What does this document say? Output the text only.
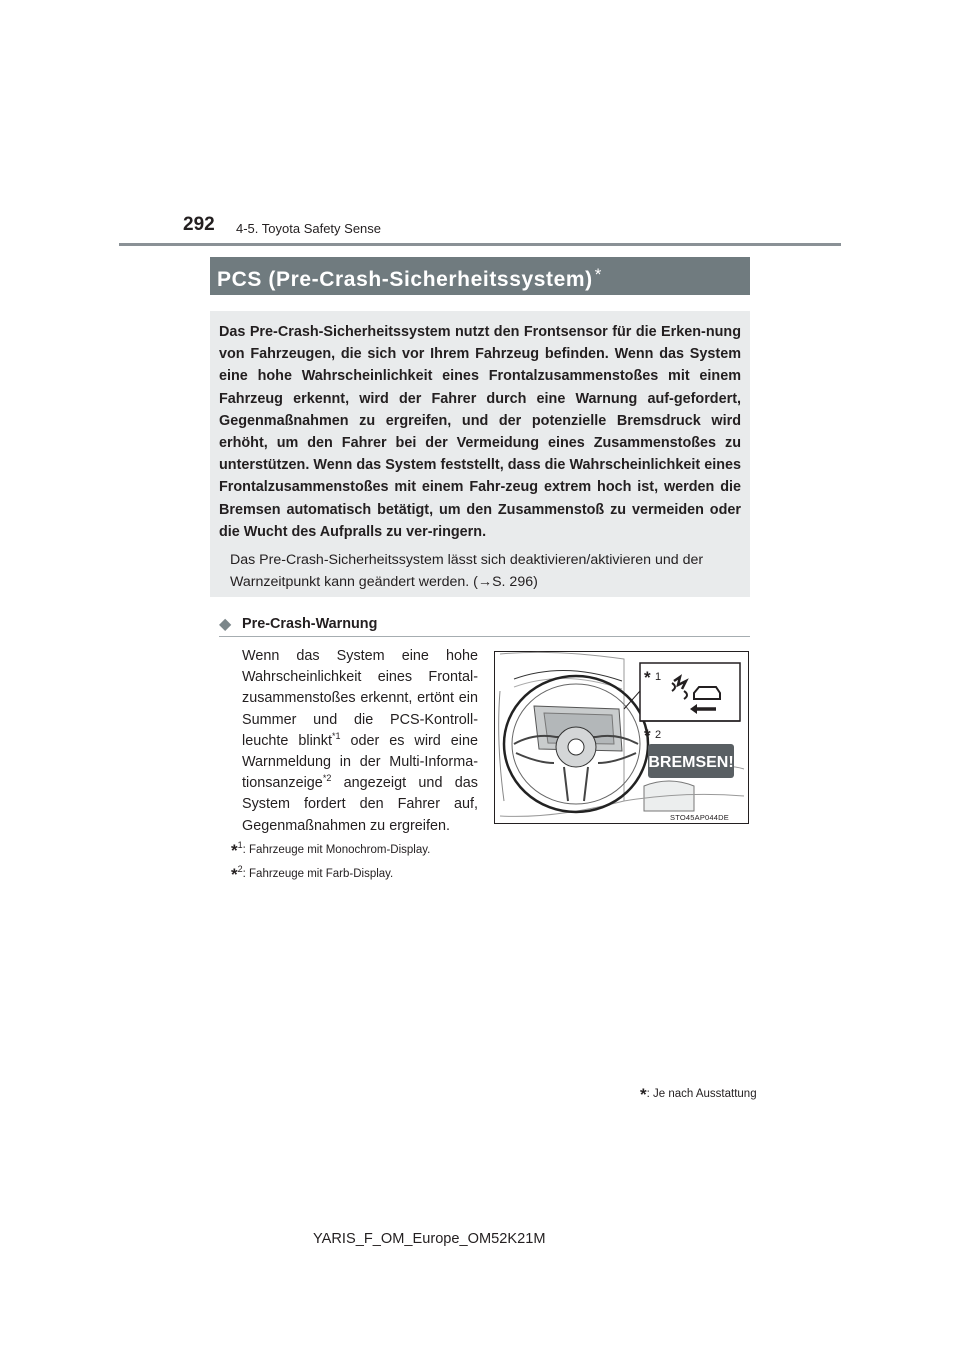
292 4-5. Toyota Safety Sense
PCS (Pre-Crash-Sicherheitssystem) *
Das Pre-Crash-Sicherheitssystem nutzt den Frontsensor für die Erken-nung von Fahrzeugen, die sich vor Ihrem Fahrzeug befinden. Wenn das System eine hohe Wahrscheinlichkeit eines Frontalzusammenstoßes mit einem Fahrzeug erkennt, wird der Fahrer durch eine Warnung auf-gefordert, Gegenmaßnahmen zu ergreifen, und der potenzielle Bremsdruck wird erhöht, um den Fahrer bei der Vermeidung eines Zusammenstoßes zu unterstützen. Wenn das System feststellt, dass die Wahrscheinlichkeit eines Frontalzusammenstoßes mit einem Fahr-zeug extrem hoch ist, werden die Bremsen automatisch betätigt, um den Zusammenstoß zu vermeiden oder die Wucht des Aufpralls zu ver-ringern.
Das Pre-Crash-Sicherheitssystem lässt sich deaktivieren/aktivieren und der Warnzeitpunkt kann geändert werden. (→S. 296)
◆ Pre-Crash-Warnung
Wenn das System eine hohe Wahrscheinlichkeit eines Frontal-zusammenstoßes erkennt, ertönt ein Summer und die PCS-Kontroll-leuchte blinkt$^{*1}$ oder es wird eine Warnmeldung in der Multi-Informa-tionsanzeige$^{*2}$ angezeigt und das System fordert den Fahrer auf, Gegenmaßnahmen zu ergreifen.
*$^1$: Fahrzeuge mit Monochrom-Display.
*$^2$: Fahrzeuge mit Farb-Display.
BREMSEN!
* 1
* 2
STO45AP044DE
*: Je nach Ausstattung
YARIS_F_OM_Europe_OM52K21M
